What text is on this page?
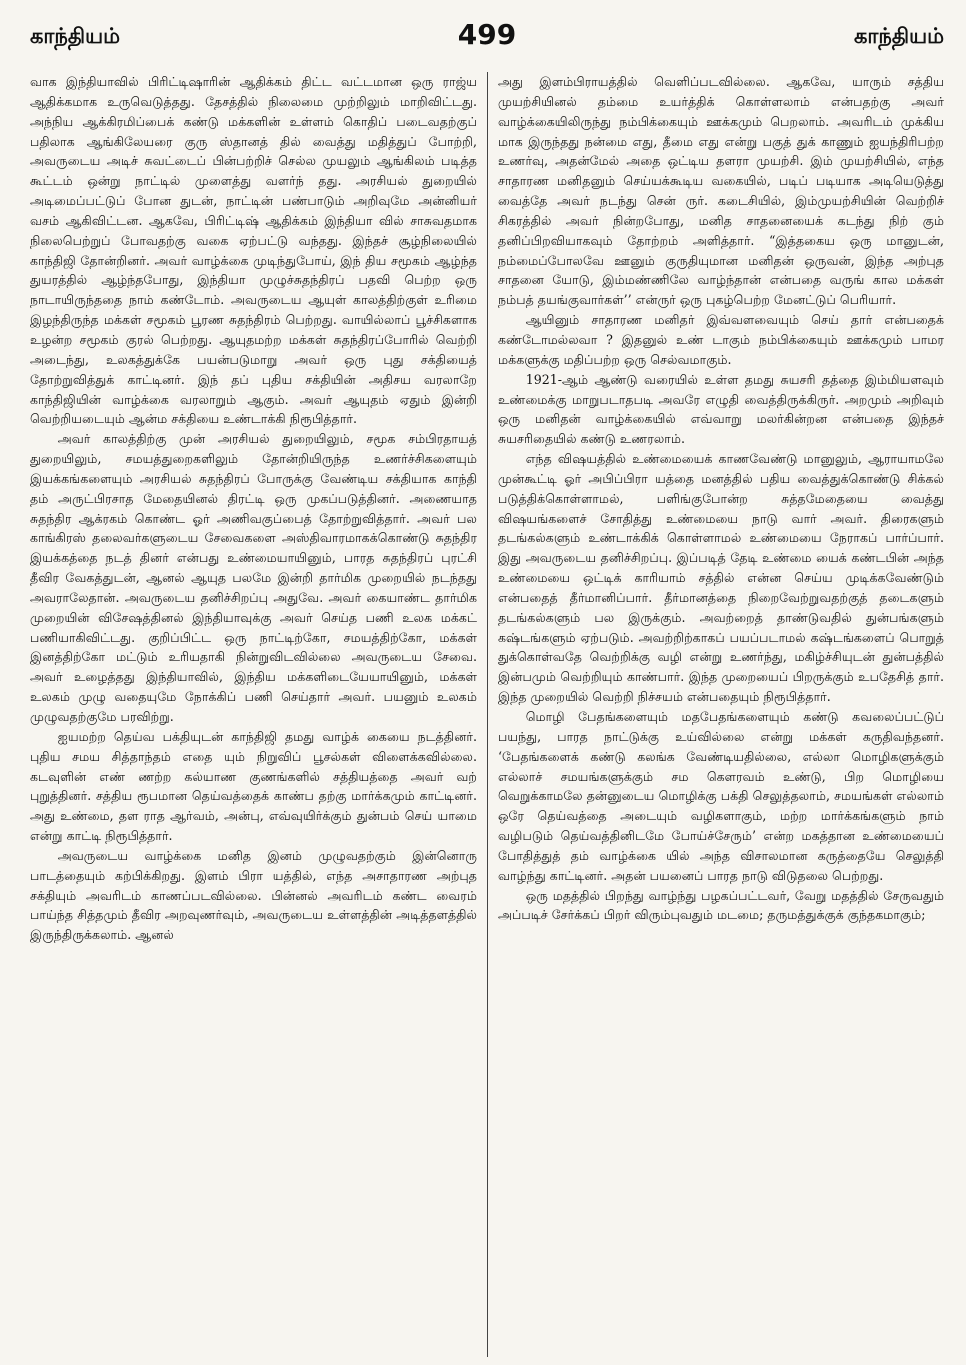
காந்தியம்	499	காந்தியம்

வாக இந்தியாவில் பிரிட்டிஷாரின் ஆதிக்கம் திட்ட வட்டமான ஒரு ராஜ்ய ஆதிக்கமாக உருவெடுத்தது. தேசத்தில் நிலைமை முற்றிலும் மாறிவிட்டது. அந்நிய ஆக்கிரமிப்பைக் கண்டு மக்களின் உள்ளம் கொதிப் படைவதற்குப் பதிலாக ஆங்கிலேயரை குரு ஸ்தானத் தில் வைத்து மதித்துப் போற்றி, அவருடைய அடிச் சுவட்டைப் பின்பற்றிச் செல்ல முயலும் ஆங்கிலம் படித்த கூட்டம் ஒன்று நாட்டில் முளைத்து வளர்ந் தது. அரசியல் துறையில் அடிமைப்பட்டுப் போன துடன், நாட்டின் பண்பாடும் அறிவுமே அன்னியர் வசம் ஆகிவிட்டன. ஆகவே, பிரிட்டிஷ் ஆதிக்கம் இந்தியா வில் சாசுவதமாக நிலைபெற்றுப் போவதற்கு வகை ஏற்பட்டு வந்தது. இந்தச் சூழ்நிலையில் காந்திஜி தோன்றினர். அவர் வாழ்க்கை முடிந்துபோய், இந் திய சமூகம் ஆழ்ந்த துயரத்தில் ஆழ்ந்தபோது, இந்தியா முழுச்சுதந்திரப் பதவி பெற்ற ஒரு நாடாயிருந்ததை நாம் கண்டோம். அவருடைய ஆயுள் காலத்திற்குள் உரிமை இழந்திருந்த மக்கள் சமூகம் பூரண சுதந்திரம் பெற்றது. வாயில்லாப் பூச்சிகளாக உழன்ற சமூகம் குரல் பெற்றது. ஆயுதமற்ற மக்கள் சுதந்திரப்போரில் வெற்றி அடைந்து, உலகத்துக்கே பயன்படுமாறு அவர் ஒரு புது சக்தியைத் தோற்றுவித்துக் காட்டினர். இந் தப் புதிய சக்தியின் அதிசய வரலாறே காந்திஜியின் வாழ்க்கை வரலாறும் ஆகும். அவர் ஆயுதம் ஏதும் இன்றி வெற்றியடையும் ஆன்ம சக்தியை உண்டாக்கி நிரூபித்தார்.

அவர் காலத்திற்கு முன் அரசியல் துறையிலும், சமூக சம்பிரதாயத் துறையிலும், சமயத்துறைகளிலும் தோன்றியிருந்த உணர்ச்சிகளையும் இயக்கங்களையும் அரசியல் சுதந்திரப் போருக்கு வேண்டிய சக்தியாக காந்தி தம் அருட்பிரசாத மேதையினல் திரட்டி ஒரு முகப்படுத்தினர். அணையாத சுதந்திர ஆக்ரகம் கொண்ட ஓர் அணிவகுப்பைத் தோற்றுவித்தார். அவர் பல காங்கிரஸ் தலைவர்களுடைய சேவைகளை அஸ்திவாரமாகக்கொண்டு சுதந்திர இயக்கத்தை நடத் தினர் என்பது உண்மையாயினும், பாரத சுதந்திரப் புரட்சி தீவிர வேகத்துடன், ஆனல் ஆயுத பலமே இன்றி தார்மிக முறையில் நடந்தது அவராலேதான். அவருடைய தனிச்சிறப்பு அதுவே. அவர் கையாண்ட தார்மிக முறையின் விசேஷத்தினல் இந்தியாவுக்கு அவர் செய்த பணி உலக மக்கட் பணியாகிவிட்டது. குறிப்பிட்ட ஒரு நாட்டிற்கோ, சமயத்திற்கோ, மக்கள் இனத்திற்கோ மட்டும் உரியதாகி நின்றுவிடவில்லை அவருடைய சேவை. அவர் உழைத்தது இந்தியாவில், இந்திய மக்களிடையேயாயினும், மக்கள் உலகம் முழு வதையுமே நோக்கிப் பணி செய்தார் அவர். பயனும் உலகம் முழுவதற்குமே பரவிற்று.

ஐயமற்ற தெய்வ பக்தியுடன் காந்திஜி தமது வாழ்க் கையை நடத்தினர். புதிய சமய சித்தாந்தம் எதை யும் நிறுவிப் பூசல்கள் விளைக்கவில்லை. கடவுளின் எண் ணற்ற கல்யாண குணங்களில் சத்தியத்தை அவர் வற் புறுத்தினர். சத்திய ரூபமான தெய்வத்தைக் காண்ப தற்கு மார்க்கமும் காட்டினர். அது உண்மை, தள ராத ஆர்வம், அன்பு, எவ்வுயிர்க்கும் துன்பம் செய் யாமை என்று காட்டி நிரூபித்தார்.

அவருடைய வாழ்க்கை மனித இனம் முழுவதற்கும் இன்னொரு பாடத்தையும் கற்பிக்கிறது. இளம் பிரா யத்தில், எந்த அசாதாரண அற்புத சக்தியும் அவரிடம் காணப்படவில்லை. பின்னல் அவரிடம் கண்ட வைரம் பாய்ந்த சித்தமும் தீவிர அறவுணர்வும், அவருடைய உள்ளத்தின் அடித்தளத்தில் இருந்திருக்கலாம். ஆனல்

அது இளம்பிராயத்தில் வெளிப்படவில்லை. ஆகவே, யாரும் சத்திய முயற்சியினல் தம்மை உயர்த்திக் கொள்ளலாம் என்பதற்கு அவர் வாழ்க்கையிலிருந்து நம்பிக்கையும் ஊக்கமும் பெறலாம். அவரிடம் முக்கிய மாக இருந்தது நன்மை எது, தீமை எது என்று பகுத் துக் காணும் ஐயந்திரிபற்ற உணர்வு, அதன்மேல் அதை ஒட்டிய தளரா முயற்சி. இம் முயற்சியில், எந்த சாதாரண மனிதனும் செய்யக்கூடிய வகையில், படிப் படியாக அடியெடுத்து வைத்தே அவர் நடந்து சென் ருர். கடைசியில், இம்முயற்சியின் வெற்றிச் சிகரத்தில் அவர் நின்றபோது, மனித சாதனையைக் கடந்து நிற் கும் தனிப்பிறவியாகவும் தோற்றம் அளித்தார். “இத்தகைய ஒரு மானுடன், நம்மைப்போலவே ஊனும் குருதியுமான மனிதன் ஒருவன், இந்த அற்புத சாதனை யோடு, இம்மண்ணிலே வாழ்ந்தான் என்பதை வருங் கால மக்கள் நம்பத் தயங்குவார்கள்’’ என்ருர் ஒரு புகழ்பெற்ற மேனட்டுப் பெரியார்.

ஆயினும் சாதாரண மனிதர் இவ்வளவையும் செய் தார் என்பதைக் கண்டோமல்லவா ? இதனுல் உண் டாகும் நம்பிக்கையும் ஊக்கமும் பாமர மக்களுக்கு மதிப்பற்ற ஒரு செல்வமாகும்.

1921-ஆம் ஆண்டு வரையில் உள்ள தமது சுயசரி தத்தை இம்மியளவும் உண்மைக்கு மாறுபடாதபடி அவரே எழுதி வைத்திருக்கிருர். அறமும் அறிவும் ஒரு மனிதன் வாழ்க்கையில் எவ்வாறு மலர்கின்றன என்பதை இந்தச் சுயசரிதையில் கண்டு உணரலாம்.

எந்த விஷயத்தில் உண்மையைக் காணவேண்டு மானுலும், ஆராயாமலே முன்கூட்டி ஓர் அபிப்பிரா யத்தை மனத்தில் பதிய வைத்துக்கொண்டு சிக்கல் படுத்திக்கொள்ளாமல், பளிங்குபோன்ற சுத்தமேதையை வைத்து விஷயங்களைச் சோதித்து உண்மையை நாடு வார் அவர். திரைகளும் தடங்கல்களும் உண்டாக்கிக் கொள்ளாமல் உண்மையை நேராகப் பார்ப்பார். இது அவருடைய தனிச்சிறப்பு. இப்படித் தேடி உண்மை யைக் கண்டபின் அந்த உண்மையை ஒட்டிக் காரியாம் சத்தில் என்ன செய்ய முடிக்கவேண்டும் என்பதைத் தீர்மானிப்பார். தீர்மானத்தை நிறைவேற்றுவதற்குத் தடைகளும் தடங்கல்களும் பல இருக்கும். அவற்றைத் தாண்டுவதில் துன்பங்களும் கஷ்டங்களும் ஏற்படும். அவற்றிற்காகப் பயப்படாமல் கஷ்டங்களைப் பொறுத் துக்கொள்வதே வெற்றிக்கு வழி என்று உணர்ந்து, மகிழ்ச்சியுடன் துன்பத்தில் இன்பமும் வெற்றியும் காண்பார். இந்த முறையைப் பிறருக்கும் உபதேசித் தார். இந்த முறையில் வெற்றி நிச்சயம் என்பதையும் நிரூபித்தார்.

மொழி பேதங்களையும் மதபேதங்களையும் கண்டு கவலைப்பட்டுப் பயந்து, பாரத நாட்டுக்கு உய்வில்லை என்று மக்கள் கருதிவந்தனர். ‘பேதங்களைக் கண்டு கலங்க வேண்டியதில்லை, எல்லா மொழிகளுக்கும் எல்லாச் சமயங்களுக்கும் சம கௌரவம் உண்டு, பிற மொழியை வெறுக்காமலே தன்னுடைய மொழிக்கு பக்தி செலுத்தலாம், சமயங்கள் எல்லாம் ஒரே தெய்வத்தை அடையும் வழிகளாகும், மற்ற மார்க்கங்களும் நாம் வழிபடும் தெய்வத்தினிடமே போய்ச்சேரும்’ என்ற மகத்தான உண்மையைப் போதித்துத் தம் வாழ்க்கை யில் அந்த விசாலமான கருத்தையே செலுத்தி வாழ்ந்து காட்டினர். அதன் பயனைப் பாரத நாடு விடுதலை பெற்றது.

ஒரு மதத்தில் பிறந்து வாழ்ந்து பழகப்பட்டவர், வேறு மதத்தில் சேருவதும் அப்படிச் சேர்க்கப் பிறர் விரும்புவதும் மடமை; தருமத்துக்குக் குந்தகமாகும்;
